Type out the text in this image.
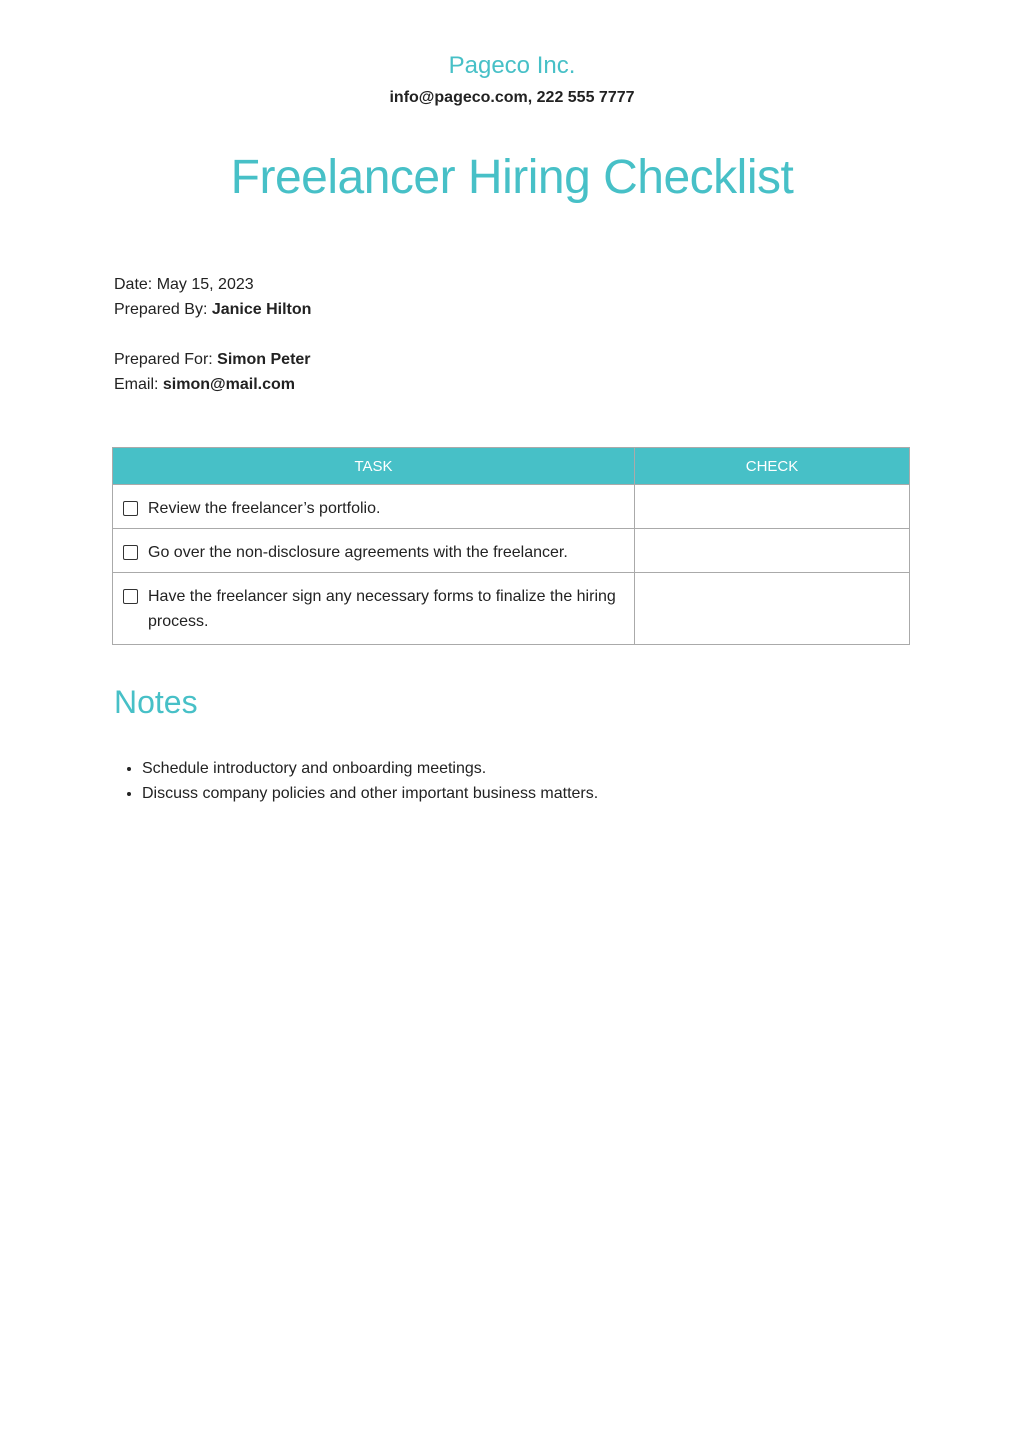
Pageco Inc.
info@pageco.com, 222 555 7777
Freelancer Hiring Checklist
Date: May 15, 2023
Prepared By: Janice Hilton
Prepared For: Simon Peter
Email: simon@mail.com
TASK	CHECK

Review the freelancer’s portfolio.	

Go over the non-disclosure agreements with the freelancer.	

Have the freelancer sign any necessary forms to finalize the hiring process.	

Notes
• Schedule introductory and onboarding meetings.
• Discuss company policies and other important business matters.
